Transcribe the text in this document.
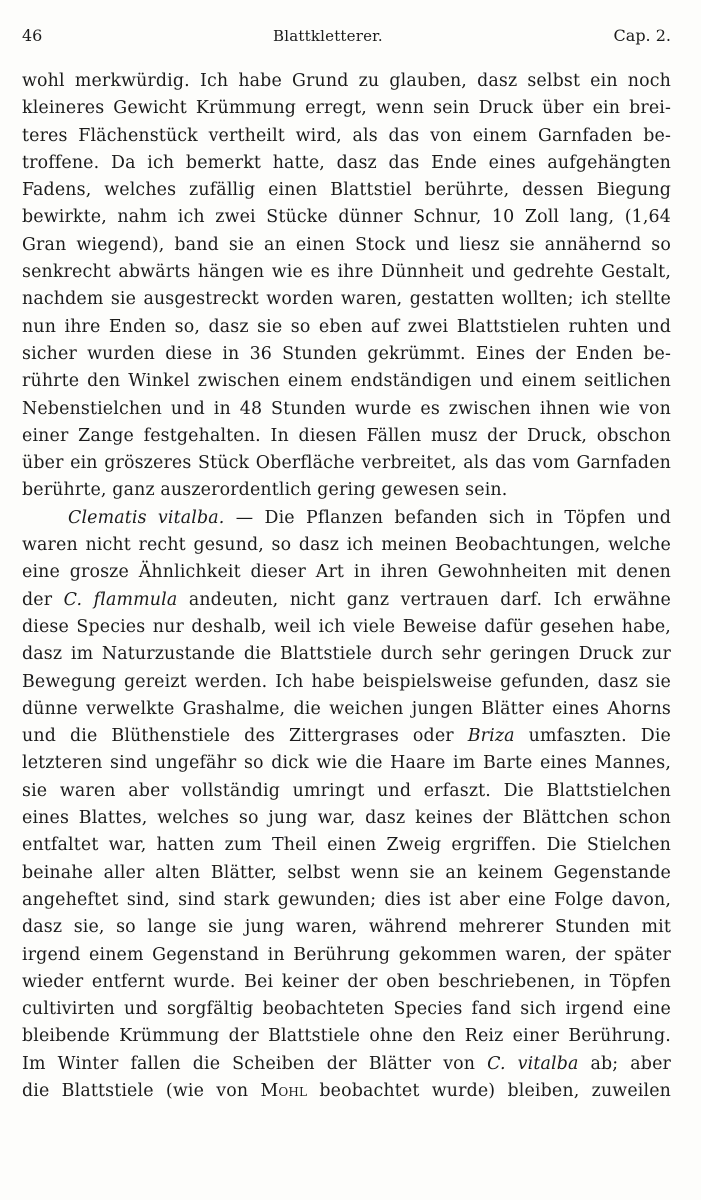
46	Blattkletterer.	Cap. 2.
wohl merkwürdig. Ich habe Grund zu glauben, dasz selbst ein noch
kleineres Gewicht Krümmung erregt, wenn sein Druck über ein brei-
teres Flächenstück vertheilt wird, als das von einem Garnfaden be-
troffene. Da ich bemerkt hatte, dasz das Ende eines aufgehängten
Fadens, welches zufällig einen Blattstiel berührte, dessen Biegung
bewirkte, nahm ich zwei Stücke dünner Schnur, 10 Zoll lang, (1,64
Gran wiegend), band sie an einen Stock und liesz sie annähernd so
senkrecht abwärts hängen wie es ihre Dünnheit und gedrehte Gestalt,
nachdem sie ausgestreckt worden waren, gestatten wollten; ich stellte
nun ihre Enden so, dasz sie so eben auf zwei Blattstielen ruhten und
sicher wurden diese in 36 Stunden gekrümmt. Eines der Enden be-
rührte den Winkel zwischen einem endständigen und einem seitlichen
Nebenstielchen und in 48 Stunden wurde es zwischen ihnen wie von
einer Zange festgehalten. In diesen Fällen musz der Druck, obschon
über ein gröszeres Stück Oberfläche verbreitet, als das vom Garnfaden
berührte, ganz auszerordentlich gering gewesen sein.
Clematis vitalba. — Die Pflanzen befanden sich in Töpfen und
waren nicht recht gesund, so dasz ich meinen Beobachtungen, welche
eine grosze Ähnlichkeit dieser Art in ihren Gewohnheiten mit denen
der C. flammula andeuten, nicht ganz vertrauen darf. Ich erwähne
diese Species nur deshalb, weil ich viele Beweise dafür gesehen habe,
dasz im Naturzustande die Blattstiele durch sehr geringen Druck zur
Bewegung gereizt werden. Ich habe beispielsweise gefunden, dasz sie
dünne verwelkte Grashalme, die weichen jungen Blätter eines Ahorns
und die Blüthenstiele des Zittergrases oder Briza umfaszten. Die
letzteren sind ungefähr so dick wie die Haare im Barte eines Mannes,
sie waren aber vollständig umringt und erfaszt. Die Blattstielchen
eines Blattes, welches so jung war, dasz keines der Blättchen schon
entfaltet war, hatten zum Theil einen Zweig ergriffen. Die Stielchen
beinahe aller alten Blätter, selbst wenn sie an keinem Gegenstande
angeheftet sind, sind stark gewunden; dies ist aber eine Folge davon,
dasz sie, so lange sie jung waren, während mehrerer Stunden mit
irgend einem Gegenstand in Berührung gekommen waren, der später
wieder entfernt wurde. Bei keiner der oben beschriebenen, in Töpfen
cultivirten und sorgfältig beobachteten Species fand sich irgend eine
bleibende Krümmung der Blattstiele ohne den Reiz einer Berührung.
Im Winter fallen die Scheiben der Blätter von C. vitalba ab; aber
die Blattstiele (wie von Mohl beobachtet wurde) bleiben, zuweilen
